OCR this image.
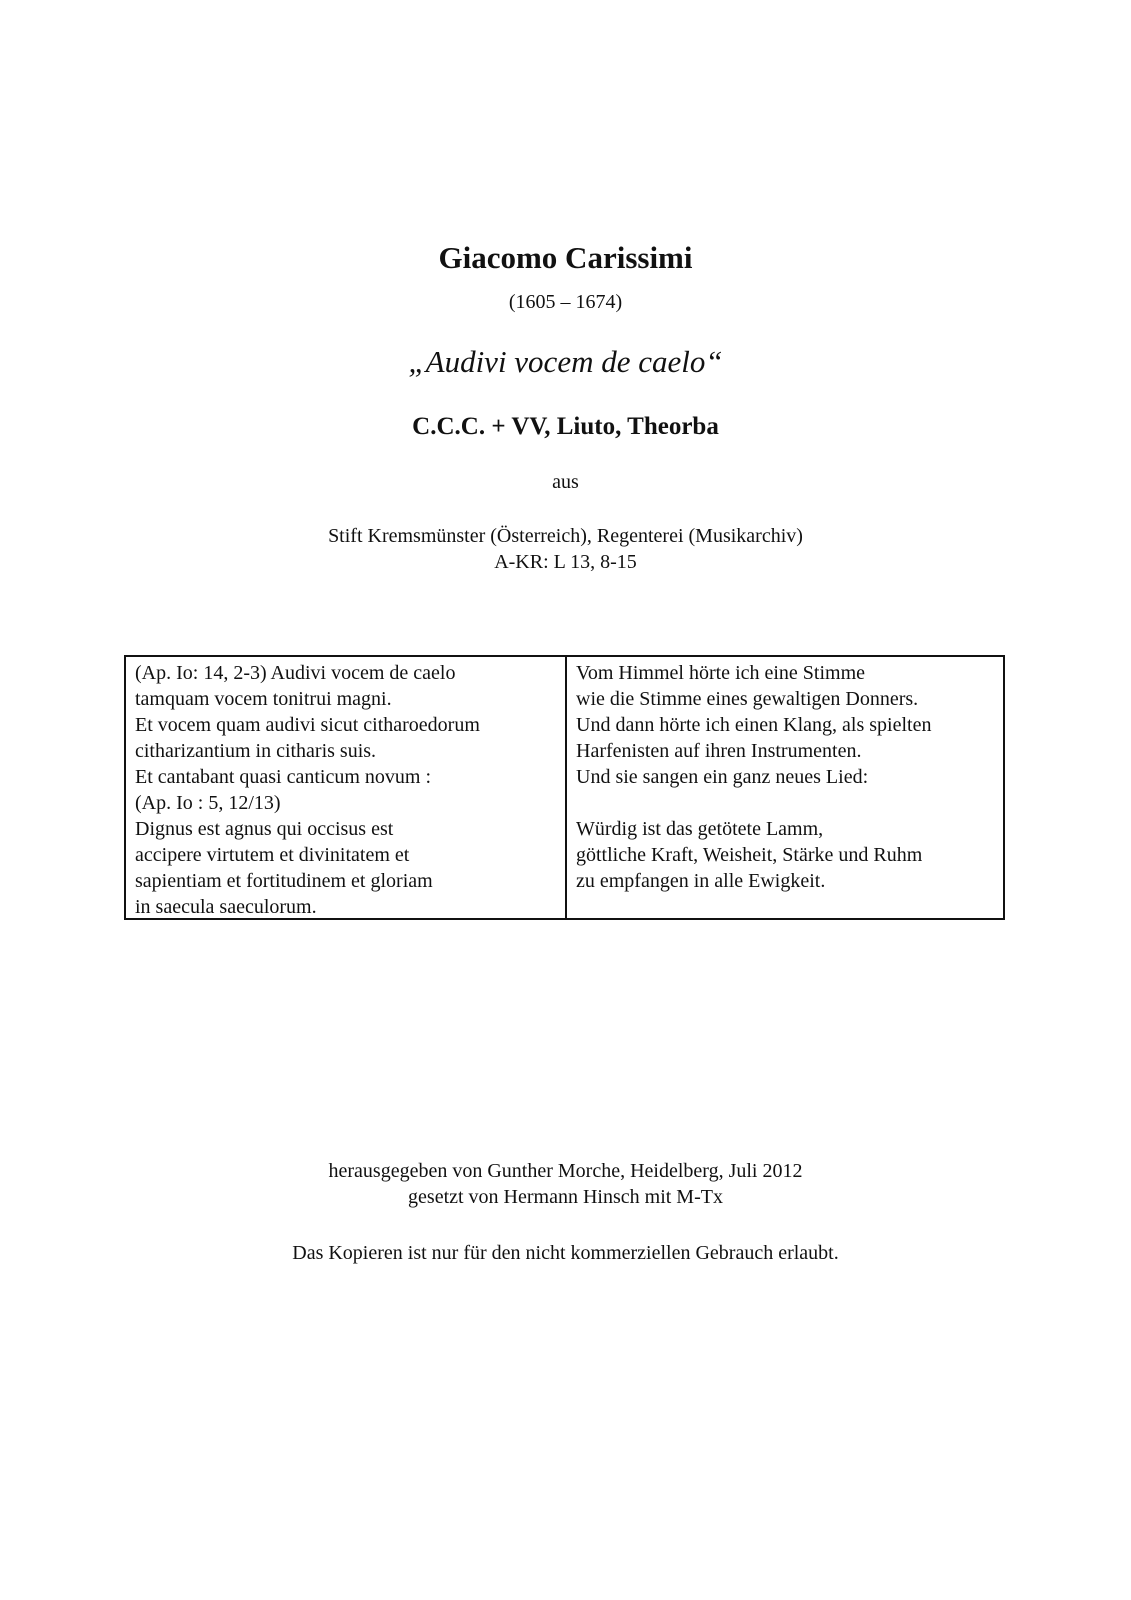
Giacomo Carissimi
(1605 – 1674)
„Audivi vocem de caelo“
C.C.C. + VV, Liuto, Theorba
aus
Stift Kremsmünster (Österreich), Regenterei (Musikarchiv)
A-KR: L 13, 8-15
(Ap. Io: 14, 2-3) Audivi vocem de caelo
tamquam vocem tonitrui magni.
Et vocem quam audivi sicut citharoedorum
citharizantium in citharis suis.
Et cantabant quasi canticum novum :
(Ap. Io : 5, 12/13)
Dignus est agnus qui occisus est
accipere virtutem et divinitatem et
sapientiam et fortitudinem et gloriam
in saecula saeculorum.
Vom Himmel hörte ich eine Stimme
wie die Stimme eines gewaltigen Donners.
Und dann hörte ich einen Klang, als spielten
Harfenisten auf ihren Instrumenten.
Und sie sangen ein ganz neues Lied:
Würdig ist das getötete Lamm,
göttliche Kraft, Weisheit, Stärke und Ruhm
zu empfangen in alle Ewigkeit.
herausgegeben von Gunther Morche, Heidelberg, Juli 2012
gesetzt von Hermann Hinsch mit M-Tx
Das Kopieren ist nur für den nicht kommerziellen Gebrauch erlaubt.
